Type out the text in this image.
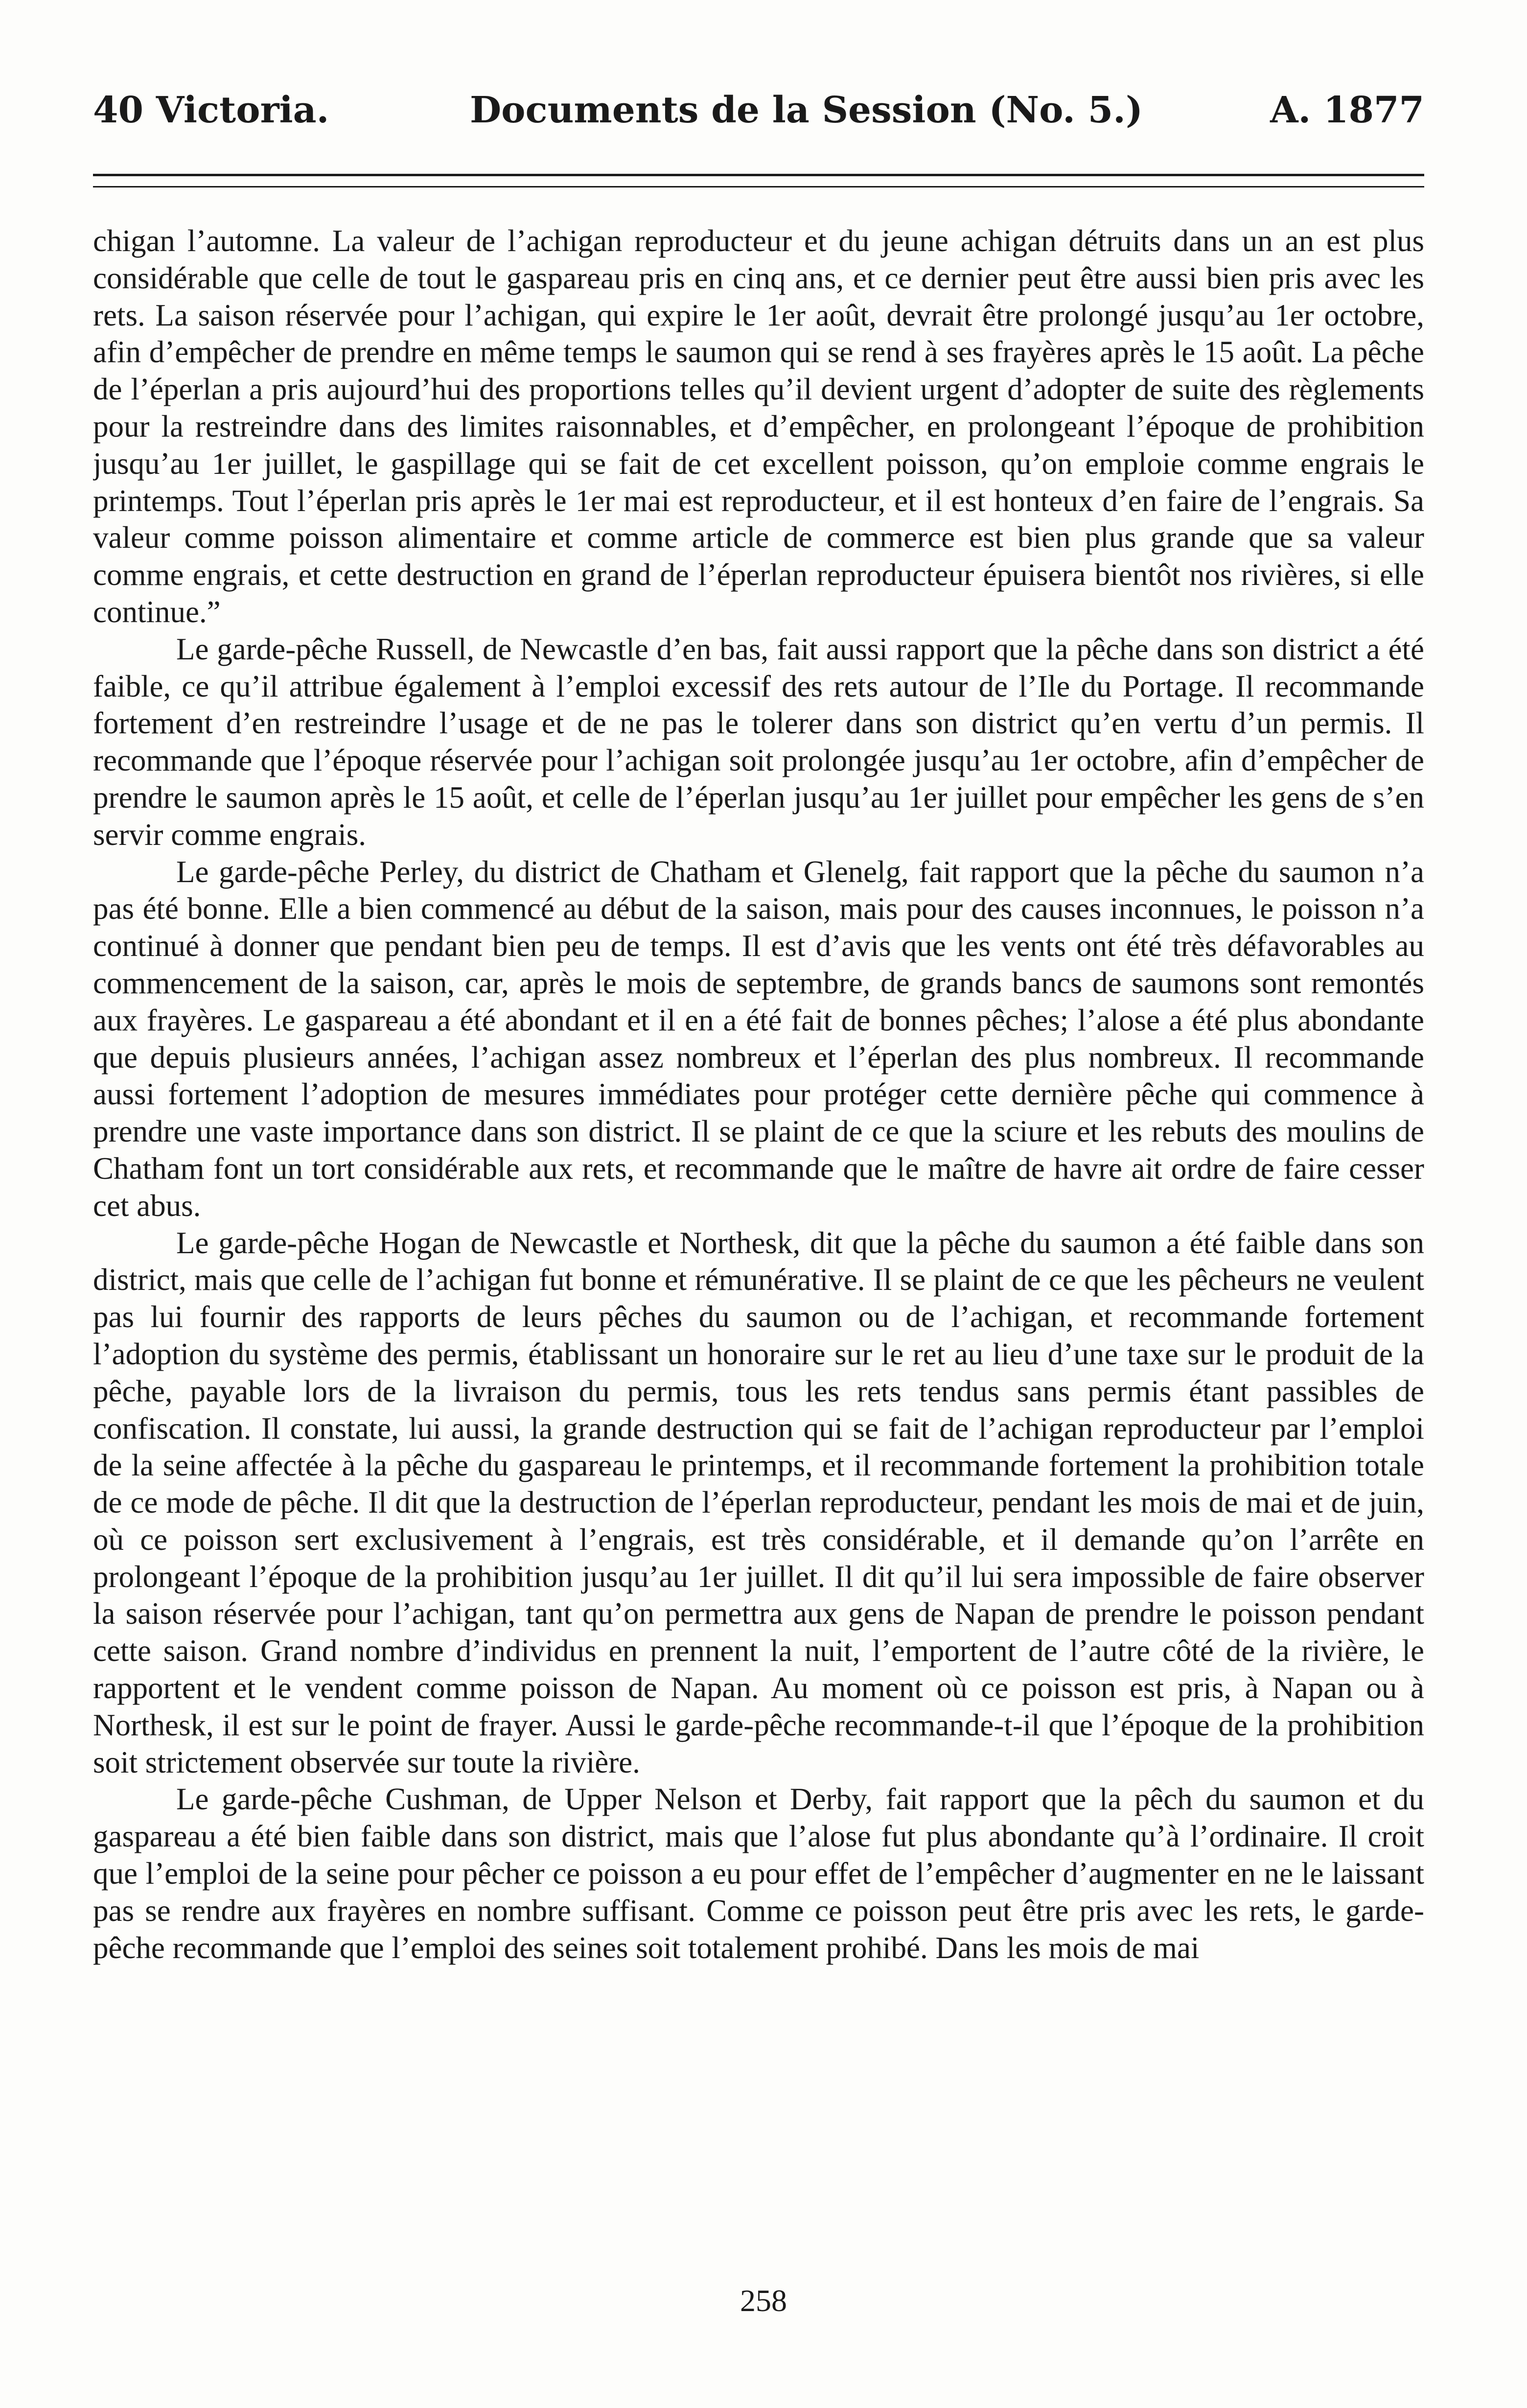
40 Victoria.	Documents de la Session (No. 5.)	A. 1877

chigan l’automne. La valeur de l’achigan reproducteur et du jeune achigan détruits dans un an est plus considérable que celle de tout le gaspareau pris en cinq ans, et ce dernier peut être aussi bien pris avec les rets. La saison réservée pour l’achigan, qui expire le 1er août, devrait être prolongé jusqu’au 1er octobre, afin d’empêcher de prendre en même temps le saumon qui se rend à ses frayères après le 15 août. La pêche de l’éperlan a pris aujourd’hui des proportions telles qu’il devient urgent d’adopter de suite des règlements pour la restreindre dans des limites raisonnables, et d’empêcher, en prolongeant l’époque de prohibition jusqu’au 1er juillet, le gaspillage qui se fait de cet excellent poisson, qu’on emploie comme engrais le printemps. Tout l’éperlan pris après le 1er mai est reproducteur, et il est honteux d’en faire de l’engrais. Sa valeur comme poisson alimentaire et comme article de commerce est bien plus grande que sa valeur comme engrais, et cette destruction en grand de l’éperlan reproducteur épuisera bientôt nos rivières, si elle continue.”

Le garde-pêche Russell, de Newcastle d’en bas, fait aussi rapport que la pêche dans son district a été faible, ce qu’il attribue également à l’emploi excessif des rets autour de l’Ile du Portage. Il recommande fortement d’en restreindre l’usage et de ne pas le tolerer dans son district qu’en vertu d’un permis. Il recommande que l’époque réservée pour l’achigan soit prolongée jusqu’au 1er octobre, afin d’empêcher de prendre le saumon après le 15 août, et celle de l’éperlan jusqu’au 1er juillet pour empêcher les gens de s’en servir comme engrais.

Le garde-pêche Perley, du district de Chatham et Glenelg, fait rapport que la pêche du saumon n’a pas été bonne. Elle a bien commencé au début de la saison, mais pour des causes inconnues, le poisson n’a continué à donner que pendant bien peu de temps. Il est d’avis que les vents ont été très défavorables au commencement de la saison, car, après le mois de septembre, de grands bancs de saumons sont remontés aux frayères. Le gaspareau a été abondant et il en a été fait de bonnes pêches; l’alose a été plus abondante que depuis plusieurs années, l’achigan assez nombreux et l’éperlan des plus nombreux. Il recommande aussi fortement l’adoption de mesures immédiates pour protéger cette dernière pêche qui commence à prendre une vaste importance dans son district. Il se plaint de ce que la sciure et les rebuts des moulins de Chatham font un tort considérable aux rets, et recommande que le maître de havre ait ordre de faire cesser cet abus.

Le garde-pêche Hogan de Newcastle et Northesk, dit que la pêche du saumon a été faible dans son district, mais que celle de l’achigan fut bonne et rémunérative. Il se plaint de ce que les pêcheurs ne veulent pas lui fournir des rapports de leurs pêches du saumon ou de l’achigan, et recommande fortement l’adoption du système des permis, établissant un honoraire sur le ret au lieu d’une taxe sur le produit de la pêche, payable lors de la livraison du permis, tous les rets tendus sans permis étant passibles de confiscation. Il constate, lui aussi, la grande destruction qui se fait de l’achigan reproducteur par l’emploi de la seine affectée à la pêche du gaspareau le printemps, et il recommande fortement la prohibition totale de ce mode de pêche. Il dit que la destruction de l’éperlan reproducteur, pendant les mois de mai et de juin, où ce poisson sert exclusivement à l’engrais, est très considérable, et il demande qu’on l’arrête en prolongeant l’époque de la prohibition jusqu’au 1er juillet. Il dit qu’il lui sera impossible de faire observer la saison réservée pour l’achigan, tant qu’on permettra aux gens de Napan de prendre le poisson pendant cette saison. Grand nombre d’individus en prennent la nuit, l’emportent de l’autre côté de la rivière, le rapportent et le vendent comme poisson de Napan. Au moment où ce poisson est pris, à Napan ou à Northesk, il est sur le point de frayer. Aussi le garde-pêche recommande-t-il que l’époque de la prohibition soit strictement observée sur toute la rivière.

Le garde-pêche Cushman, de Upper Nelson et Derby, fait rapport que la pêch du saumon et du gaspareau a été bien faible dans son district, mais que l’alose fut plus abondante qu’à l’ordinaire. Il croit que l’emploi de la seine pour pêcher ce poisson a eu pour effet de l’empêcher d’augmenter en ne le laissant pas se rendre aux frayères en nombre suffisant. Comme ce poisson peut être pris avec les rets, le garde-pêche recommande que l’emploi des seines soit totalement prohibé. Dans les mois de mai

258
